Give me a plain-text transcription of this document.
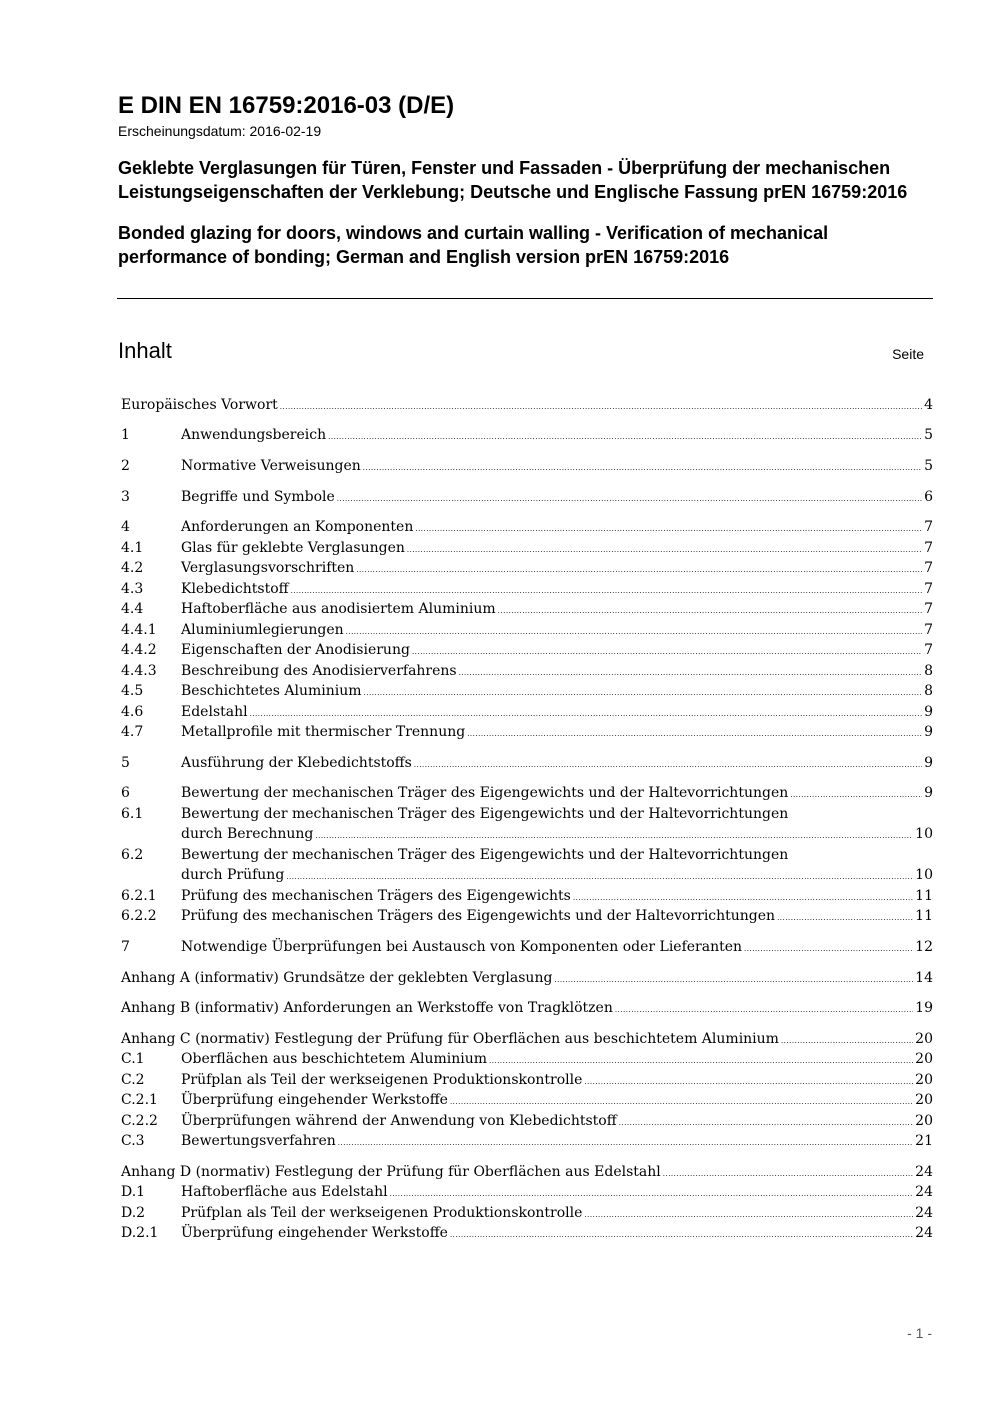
E DIN EN 16759:2016-03 (D/E)

Erscheinungsdatum: 2016-02-19

Geklebte Verglasungen für Türen, Fenster und Fassaden - Überprüfung der mechanischen Leistungseigenschaften der Verklebung; Deutsche und Englische Fassung prEN 16759:2016

Bonded glazing for doors, windows and curtain walling - Verification of mechanical performance of bonding; German and English version prEN 16759:2016

Inhalt	Seite
Europäisches Vorwort .....	4
1	Anwendungsbereich .....	5
2	Normative Verweisungen .....	5
3	Begriffe und Symbole .....	6
4	Anforderungen an Komponenten .....	7
4.1	Glas für geklebte Verglasungen .....	7
4.2	Verglasungsvorschriften .....	7
4.3	Klebedichtstoff .....	7
4.4	Haftoberfläche aus anodisiertem Aluminium .....	7
4.4.1 Aluminiumlegierungen .....	7
4.4.2 Eigenschaften der Anodisierung .....	7
4.4.3 Beschreibung des Anodisierverfahrens .....	8
4.5	Beschichtetes Aluminium .....	8
4.6	Edelstahl .....	9
4.7	Metallprofile mit thermischer Trennung .....	9
5	Ausführung der Klebedichtstoffs .....	9
6	Bewertung der mechanischen Träger des Eigengewichts und der Haltevorrichtungen .....	9
6.1	Bewertung der mechanischen Träger des Eigengewichts und der Haltevorrichtungen
durch Berechnung .....	10
6.2	Bewertung der mechanischen Träger des Eigengewichts und der Haltevorrichtungen
durch Prüfung .....	10
6.2.1 Prüfung des mechanischen Trägers des Eigengewichts .....	11
6.2.2 Prüfung des mechanischen Trägers des Eigengewichts und der Haltevorrichtungen .....	11
7	Notwendige Überprüfungen bei Austausch von Komponenten oder Lieferanten .....	12
Anhang A (informativ) Grundsätze der geklebten Verglasung .....	14
Anhang B (informativ) Anforderungen an Werkstoffe von Tragklötzen .....	19
Anhang C (normativ) Festlegung der Prüfung für Oberflächen aus beschichtetem Aluminium .....	20
C.1	Oberflächen aus beschichtetem Aluminium .....	20
C.2	Prüfplan als Teil der werkseigenen Produktionskontrolle .....	20
C.2.1 Überprüfung eingehender Werkstoffe .....	20
C.2.2 Überprüfungen während der Anwendung von Klebedichtstoff .....	20
C.3	Bewertungsverfahren .....	21
Anhang D (normativ) Festlegung der Prüfung für Oberflächen aus Edelstahl .....	24
D.1	Haftoberfläche aus Edelstahl .....	24
D.2	Prüfplan als Teil der werkseigenen Produktionskontrolle .....	24
D.2.1 Überprüfung eingehender Werkstoffe .....	24
- 1 -
